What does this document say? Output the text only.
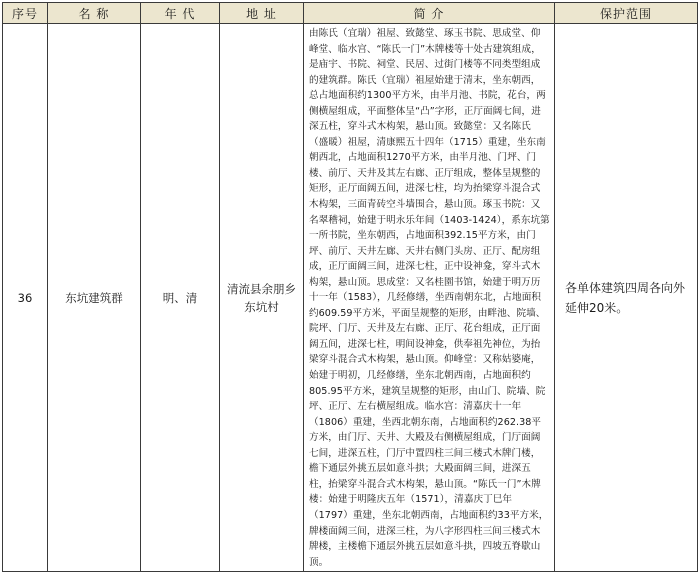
序号	名 称	年 代	地 址	简 介	保护范围
36	东坑建筑群	明、清	清流县余朋乡东坑村	由陈氏（宜瑞）祖屋、致懿堂、琢玉书院、思成堂、仰峰堂、临水宫、“陈氏一门”木牌楼等十处古建筑组成，是庙宇、书院、祠堂、民居、过街门楼等不同类型组成的建筑群。陈氏（宜瑞）祖屋始建于清末，坐东朝西，总占地面积约1300平方米，由半月池、书院，花台，两侧横屋组成，平面整体呈“凸”字形，正厅面阔七间，进深五柱，穿斗式木构架，悬山顶。致懿堂：又名陈氏（盛暖）祖屋，清康熙五十四年（1715）重建，坐东南朝西北，占地面积1270平方米，由半月池、门坪、门楼、前厅、天井及其左右廊、正厅组成，整体呈规整的矩形，正厅面阔五间，进深七柱，均为抬梁穿斗混合式木构架，三面青砖空斗墙围合，悬山顶。琢玉书院：又名翠稽祠，始建于明永乐年间（1403-1424），系东坑第一所书院，坐东朝西，占地面积392.15平方米，由门坪、前厅、天井左廊、天井右侧门头房、正厅、配房组成，正厅面阔三间，进深七柱，正中设神龛，穿斗式木构架，悬山顶。思成堂：又名桂園书馆，始建于明万历十一年（1583），几经修缮，坐西南朝东北，占地面积约609.59平方米，平面呈规整的矩形，由畔池、院墙、院坪、门厅、天井及左右廊、正厅、花台组成，正厅面阔五间，进深七柱，明间设神龛，供奉祖先神位，为抬梁穿斗混合式木构架，悬山顶。仰峰堂：又称姑婆庵，始建于明初，几经修缮，坐东北朝西南，占地面积约805.95平方米，建筑呈规整的矩形，由山门、院墙、院坪、正厅、左右横屋组成。临水宫：清嘉庆十一年（1806）重建，坐西北朝东南，占地面积约262.38平方米，由门厅、天井、大殿及右侧横屋组成，门厅面阔七间，进深五柱，门厅中置四柱三间三楼式木牌门楼，檐下通层外挑五层如意斗拱；大殿面阔三间，进深五柱，抬梁穿斗混合式木构架，悬山顶。“陈氏一门”木牌楼：始建于明隆庆五年（1571），清嘉庆丁巳年（1797）重建，坐东北朝西南，占地面积约33平方米，牌楼面阔三间，进深三柱，为八字形四柱三间三楼式木牌楼，主楼檐下通层外挑五层如意斗拱，四坡五脊歇山顶。	各单体建筑四周各向外延伸20米。
